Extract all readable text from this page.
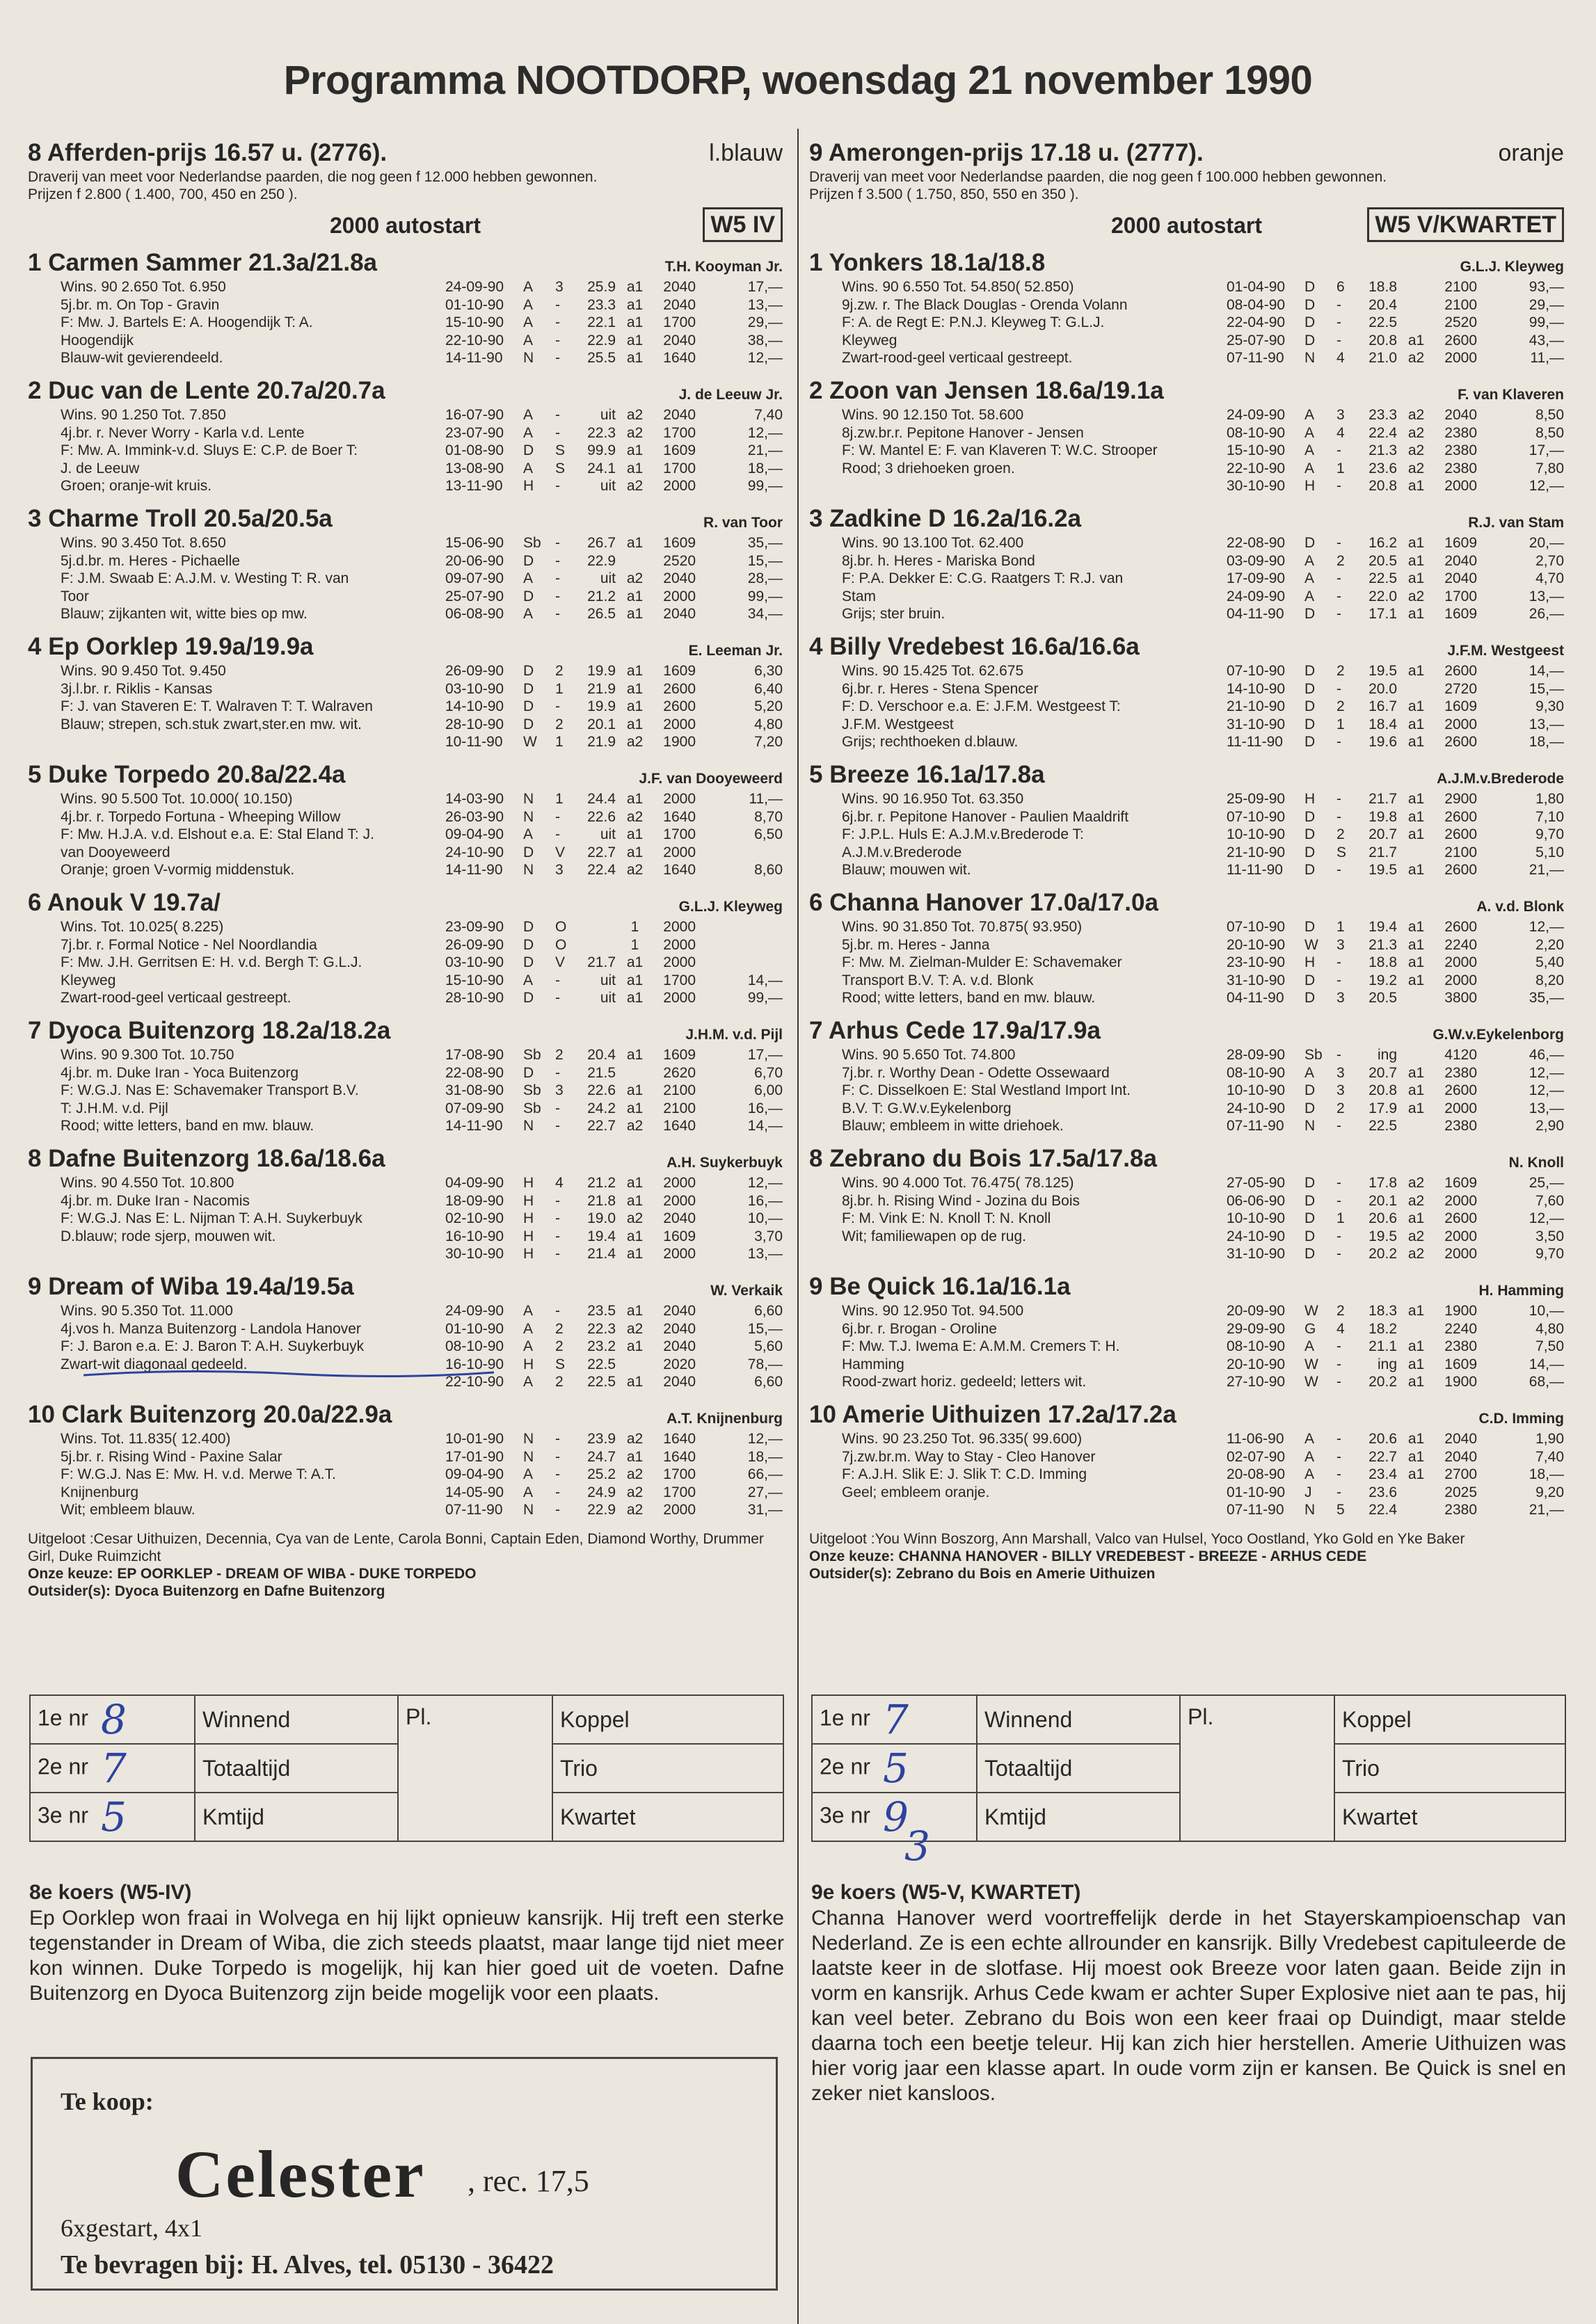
Programma NOOTDORP, woensdag 21 november 1990
8 Afferden-prijs 16.57 u. (2776).	l.blauw
Draverij van meet voor Nederlandse paarden, die nog geen f 12.000 hebben gewonnen.
Prijzen f 2.800 ( 1.400, 700, 450 en 250 ).
2000 autostart	W5 IV
1 Carmen Sammer 21.3a/21.8a	T.H. Kooyman Jr.
Wins. 90 2.650 Tot. 6.950
5j.br. m. On Top - Gravin
F: Mw. J. Bartels E: A. Hoogendijk T: A.
Hoogendijk
Blauw-wit gevierendeeld.
24-09-90	A	3	25.9 a1	2040	17,—
01-10-90	A	-	23.3 a1	2040	13,—
15-10-90	A	-	22.1 a1	1700	29,—
22-10-90	A	-	22.9 a1	2040	38,—
14-11-90	N	-	25.5 a1	1640	12,—
2 Duc van de Lente 20.7a/20.7a	J. de Leeuw Jr.
Wins. 90 1.250 Tot. 7.850
4j.br. r. Never Worry - Karla v.d. Lente
F: Mw. A. Immink-v.d. Sluys E: C.P. de Boer T:
J. de Leeuw
Groen; oranje-wit kruis.
16-07-90	A	-	uit a2	2040	7,40
23-07-90	A	-	22.3 a2	1700	12,—
01-08-90	D	S	99.9 a1	1609	21,—
13-08-90	A	S	24.1 a1	1700	18,—
13-11-90	H	-	uit a2	2000	99,—
3 Charme Troll 20.5a/20.5a	R. van Toor
Wins. 90 3.450 Tot. 8.650
5j.d.br. m. Heres - Pichaelle
F: J.M. Swaab E: A.J.M. v. Westing T: R. van
Toor
Blauw; zijkanten wit, witte bies op mw.
15-06-90	Sb -	26.7 a1	1609	35,—
20-06-90	D	-	22.9	2520	15,—
09-07-90	A	-	uit a2	2040	28,—
25-07-90	D	-	21.2 a1	2000	99,—
06-08-90	A	-	26.5 a1	2040	34,—
4 Ep Oorklep 19.9a/19.9a	E. Leeman Jr.
Wins. 90 9.450 Tot. 9.450
3j.l.br. r. Riklis - Kansas
F: J. van Staveren E: T. Walraven T: T. Walraven
Blauw; strepen, sch.stuk zwart,ster.en mw. wit.
26-09-90	D	2	19.9 a1	1609	6,30
03-10-90	D	1	21.9 a1	2600	6,40
14-10-90	D	-	19.9 a1	2600	5,20
28-10-90	D	2	20.1 a1	2000	4,80
10-11-90	W	1	21.9 a2	1900	7,20
5 Duke Torpedo 20.8a/22.4a	J.F. van Dooyeweerd
Wins. 90 5.500 Tot. 10.000( 10.150)
4j.br. r. Torpedo Fortuna - Wheeping Willow
F: Mw. H.J.A. v.d. Elshout e.a. E: Stal Eland T: J.
van Dooyeweerd
Oranje; groen V-vormig middenstuk.
14-03-90	N	1	24.4 a1	2000	11,—
26-03-90	N	-	22.6 a2	1640	8,70
09-04-90	A	-	uit a1	1700	6,50
24-10-90	D	V	22.7 a1	2000
14-11-90	N	3	22.4 a2	1640	8,60
6 Anouk V 19.7a/	G.L.J. Kleyweg
Wins. Tot. 10.025( 8.225)
7j.br. r. Formal Notice - Nel Noordlandia
F: Mw. J.H. Gerritsen E: H. v.d. Bergh T: G.L.J.
Kleyweg
Zwart-rood-geel verticaal gestreept.
23-09-90	D	O	1	2000
26-09-90	D	O	1	2000
03-10-90	D	V	21.7 a1	2000
15-10-90	A	-	uit a1	1700	14,—
28-10-90	D	-	uit a1	2000	99,—
7 Dyoca Buitenzorg 18.2a/18.2a	J.H.M. v.d. Pijl
Wins. 90 9.300 Tot. 10.750
4j.br. m. Duke Iran - Yoca Buitenzorg
F: W.G.J. Nas E: Schavemaker Transport B.V.
T: J.H.M. v.d. Pijl
Rood; witte letters, band en mw. blauw.
17-08-90	Sb 2	20.4 a1	1609	17,—
22-08-90	D	-	21.5	2620	6,70
31-08-90	Sb 3	22.6 a1	2100	6,00
07-09-90	Sb -	24.2 a1	2100	16,—
14-11-90	N	-	22.7 a2	1640	14,—
8 Dafne Buitenzorg 18.6a/18.6a	A.H. Suykerbuyk
Wins. 90 4.550 Tot. 10.800
4j.br. m. Duke Iran - Nacomis
F: W.G.J. Nas E: L. Nijman T: A.H. Suykerbuyk
D.blauw; rode sjerp, mouwen wit.
04-09-90	H	4	21.2 a1	2000	12,—
18-09-90	H	-	21.8 a1	2000	16,—
02-10-90	H	-	19.0 a2	2040	10,—
16-10-90	H	-	19.4 a1	1609	3,70
30-10-90	H	-	21.4 a1	2000	13,—
9 Dream of Wiba 19.4a/19.5a	W. Verkaik
Wins. 90 5.350 Tot. 11.000
4j.vos h. Manza Buitenzorg - Landola Hanover
F: J. Baron e.a. E: J. Baron T: A.H. Suykerbuyk
Zwart-wit diagonaal gedeeld.
24-09-90	A	-	23.5 a1	2040	6,60
01-10-90	A	2	22.3 a2	2040	15,—
08-10-90	A	2	23.2 a1	2040	5,60
16-10-90	H	S	22.5	2020	78,—
22-10-90	A	2	22.5 a1	2040	6,60
10 Clark Buitenzorg 20.0a/22.9a	A.T. Knijnenburg
Wins. Tot. 11.835( 12.400)
5j.br. r. Rising Wind - Paxine Salar
F: W.G.J. Nas E: Mw. H. v.d. Merwe T: A.T.
Knijnenburg
Wit; embleem blauw.
10-01-90	N	-	23.9 a2	1640	12,—
17-01-90	N	-	24.7 a1	1640	18,—
09-04-90	A	-	25.2 a2	1700	66,—
14-05-90	A	-	24.9 a2	1700	27,—
07-11-90	N	-	22.9 a2	2000	31,—
Uitgeloot :Cesar Uithuizen, Decennia, Cya van de Lente, Carola Bonni, Captain Eden, Diamond Worthy, Drummer Girl, Duke Ruimzicht
Onze keuze: EP OORKLEP - DREAM OF WIBA - DUKE TORPEDO
Outsider(s): Dyoca Buitenzorg en Dafne Buitenzorg
9 Amerongen-prijs 17.18 u. (2777).	oranje
Draverij van meet voor Nederlandse paarden, die nog geen f 100.000 hebben gewonnen.
Prijzen f 3.500 ( 1.750, 850, 550 en 350 ).
2000 autostart	W5 V/KWARTET
1 Yonkers 18.1a/18.8	G.L.J. Kleyweg
Wins. 90 6.550 Tot. 54.850( 52.850)
9j.zw. r. The Black Douglas - Orenda Volann
F: A. de Regt E: P.N.J. Kleyweg T: G.L.J.
Kleyweg
Zwart-rood-geel verticaal gestreept.
01-04-90	D	6	18.8	2100	93,—
08-04-90	D	-	20.4	2100	29,—
22-04-90	D	-	22.5	2520	99,—
25-07-90	D	-	20.8 a1	2600	43,—
07-11-90	N	4	21.0 a2	2000	11,—
2 Zoon van Jensen 18.6a/19.1a	F. van Klaveren
Wins. 90 12.150 Tot. 58.600
8j.zw.br.r. Pepitone Hanover - Jensen
F: W. Mantel E: F. van Klaveren T: W.C. Strooper
Rood; 3 driehoeken groen.
24-09-90	A	3	23.3 a2	2040	8,50
08-10-90	A	4	22.4 a2	2380	8,50
15-10-90	A	-	21.3 a2	2380	17,—
22-10-90	A	1	23.6 a2	2380	7,80
30-10-90	H	-	20.8 a1	2000	12,—
3 Zadkine D 16.2a/16.2a	R.J. van Stam
Wins. 90 13.100 Tot. 62.400
8j.br. h. Heres - Mariska Bond
F: P.A. Dekker E: C.G. Raatgers T: R.J. van
Stam
Grijs; ster bruin.
22-08-90	D	-	16.2 a1	1609	20,—
03-09-90	A	2	20.5 a1	2040	2,70
17-09-90	A	-	22.5 a1	2040	4,70
24-09-90	A	-	22.0 a2	1700	13,—
04-11-90	D	-	17.1 a1	1609	26,—
4 Billy Vredebest 16.6a/16.6a	J.F.M. Westgeest
Wins. 90 15.425 Tot. 62.675
6j.br. r. Heres - Stena Spencer
F: D. Verschoor e.a. E: J.F.M. Westgeest T:
J.F.M. Westgeest
Grijs; rechthoeken d.blauw.
07-10-90	D	2	19.5 a1	2600	14,—
14-10-90	D	-	20.0	2720	15,—
21-10-90	D	2	16.7 a1	1609	9,30
31-10-90	D	1	18.4 a1	2000	13,—
11-11-90	D	-	19.6 a1	2600	18,—
5 Breeze 16.1a/17.8a	A.J.M.v.Brederode
Wins. 90 16.950 Tot. 63.350
6j.br. r. Pepitone Hanover - Paulien Maaldrift
F: J.P.L. Huls E: A.J.M.v.Brederode T:
A.J.M.v.Brederode
Blauw; mouwen wit.
25-09-90	H	-	21.7 a1	2900	1,80
07-10-90	D	-	19.8 a1	2600	7,10
10-10-90	D	2	20.7 a1	2600	9,70
21-10-90	D	S	21.7	2100	5,10
11-11-90	D	-	19.5 a1	2600	21,—
6 Channa Hanover 17.0a/17.0a	A. v.d. Blonk
Wins. 90 31.850 Tot. 70.875( 93.950)
5j.br. m. Heres - Janna
F: Mw. M. Zielman-Mulder E: Schavemaker
Transport B.V. T: A. v.d. Blonk
Rood; witte letters, band en mw. blauw.
07-10-90	D	1	19.4 a1	2600	12,—
20-10-90	W	3	21.3 a1	2240	2,20
23-10-90	H	-	18.8 a1	2000	5,40
31-10-90	D	-	19.2 a1	2000	8,20
04-11-90	D	3	20.5	3800	35,—
7 Arhus Cede 17.9a/17.9a	G.W.v.Eykelenborg
Wins. 90 5.650 Tot. 74.800
7j.br. r. Worthy Dean - Odette Ossewaard
F: C. Disselkoen E: Stal Westland Import Int.
B.V. T: G.W.v.Eykelenborg
Blauw; embleem in witte driehoek.
28-09-90	Sb -	ing	4120	46,—
08-10-90	A	3	20.7 a1	2380	12,—
10-10-90	D	3	20.8 a1	2600	12,—
24-10-90	D	2	17.9 a1	2000	13,—
07-11-90	N	-	22.5	2380	2,90
8 Zebrano du Bois 17.5a/17.8a	N. Knoll
Wins. 90 4.000 Tot. 76.475( 78.125)
8j.br. h. Rising Wind - Jozina du Bois
F: M. Vink E: N. Knoll T: N. Knoll
Wit; familiewapen op de rug.
27-05-90	D	-	17.8 a2	1609	25,—
06-06-90	D	-	20.1 a2	2000	7,60
10-10-90	D	1	20.6 a1	2600	12,—
24-10-90	D	-	19.5 a2	2000	3,50
31-10-90	D	-	20.2 a2	2000	9,70
9 Be Quick 16.1a/16.1a	H. Hamming
Wins. 90 12.950 Tot. 94.500
6j.br. r. Brogan - Oroline
F: Mw. T.J. Iwema E: A.M.M. Cremers T: H.
Hamming
Rood-zwart horiz. gedeeld; letters wit.
20-09-90	W	2	18.3 a1	1900	10,—
29-09-90	G	4	18.2	2240	4,80
08-10-90	A	-	21.1 a1	2380	7,50
20-10-90	W	-	ing a1	1609	14,—
27-10-90	W	-	20.2 a1	1900	68,—
10 Amerie Uithuizen 17.2a/17.2a	C.D. Imming
Wins. 90 23.250 Tot. 96.335( 99.600)
7j.zw.br.m. Way to Stay - Cleo Hanover
F: A.J.H. Slik E: J. Slik T: C.D. Imming
Geel; embleem oranje.
11-06-90	A	-	20.6 a1	2040	1,90
02-07-90	A	-	22.7 a1	2040	7,40
20-08-90	A	-	23.4 a1	2700	18,—
01-10-90	J	-	23.6	2025	9,20
07-11-90	N	5	22.4	2380	21,—
Uitgeloot :You Winn Boszorg, Ann Marshall, Valco van Hulsel, Yoco Oostland, Yko Gold en Yke Baker
Onze keuze: CHANNA HANOVER - BILLY VREDEBEST - BREEZE - ARHUS CEDE
Outsider(s): Zebrano du Bois en Amerie Uithuizen
1e nr 8	Winnend	Pl.	Koppel
2e nr 7	Totaaltijd		Trio
3e nr 5	Kmtijd		Kwartet
1e nr 7	Winnend	Pl.	Koppel
2e nr 5	Totaaltijd		Trio
3e nr 9	Kmtijd		Kwartet
3
8e koers (W5-IV)

Ep Oorklep won fraai in Wolvega en hij lijkt opnieuw kansrijk. Hij treft een sterke tegenstander in Dream of Wiba, die zich steeds plaatst, maar lange tijd niet meer kon winnen. Duke Torpedo is mogelijk, hij kan hier goed uit de voeten. Dafne Buitenzorg en Dyoca Buitenzorg zijn beide mogelijk voor een plaats.

9e koers (W5-V, KWARTET)

Channa Hanover werd voortreffelijk derde in het Stayerskampioenschap van Nederland. Ze is een echte allrounder en kansrijk. Billy Vredebest capituleerde de laatste keer in de slotfase. Hij moest ook Breeze voor laten gaan. Beide zijn in vorm en kansrijk. Arhus Cede kwam er achter Super Explosive niet aan te pas, hij kan veel beter. Zebrano du Bois won een keer fraai op Duindigt, maar stelde daarna toch een beetje teleur. Hij kan zich hier herstellen. Amerie Uithuizen was hier vorig jaar een klasse apart. In oude vorm zijn er kansen. Be Quick is snel en zeker niet kansloos.

Te koop:
Celester , rec. 17,5
6xgestart, 4x1
Te bevragen bij: H. Alves, tel. 05130 - 36422
